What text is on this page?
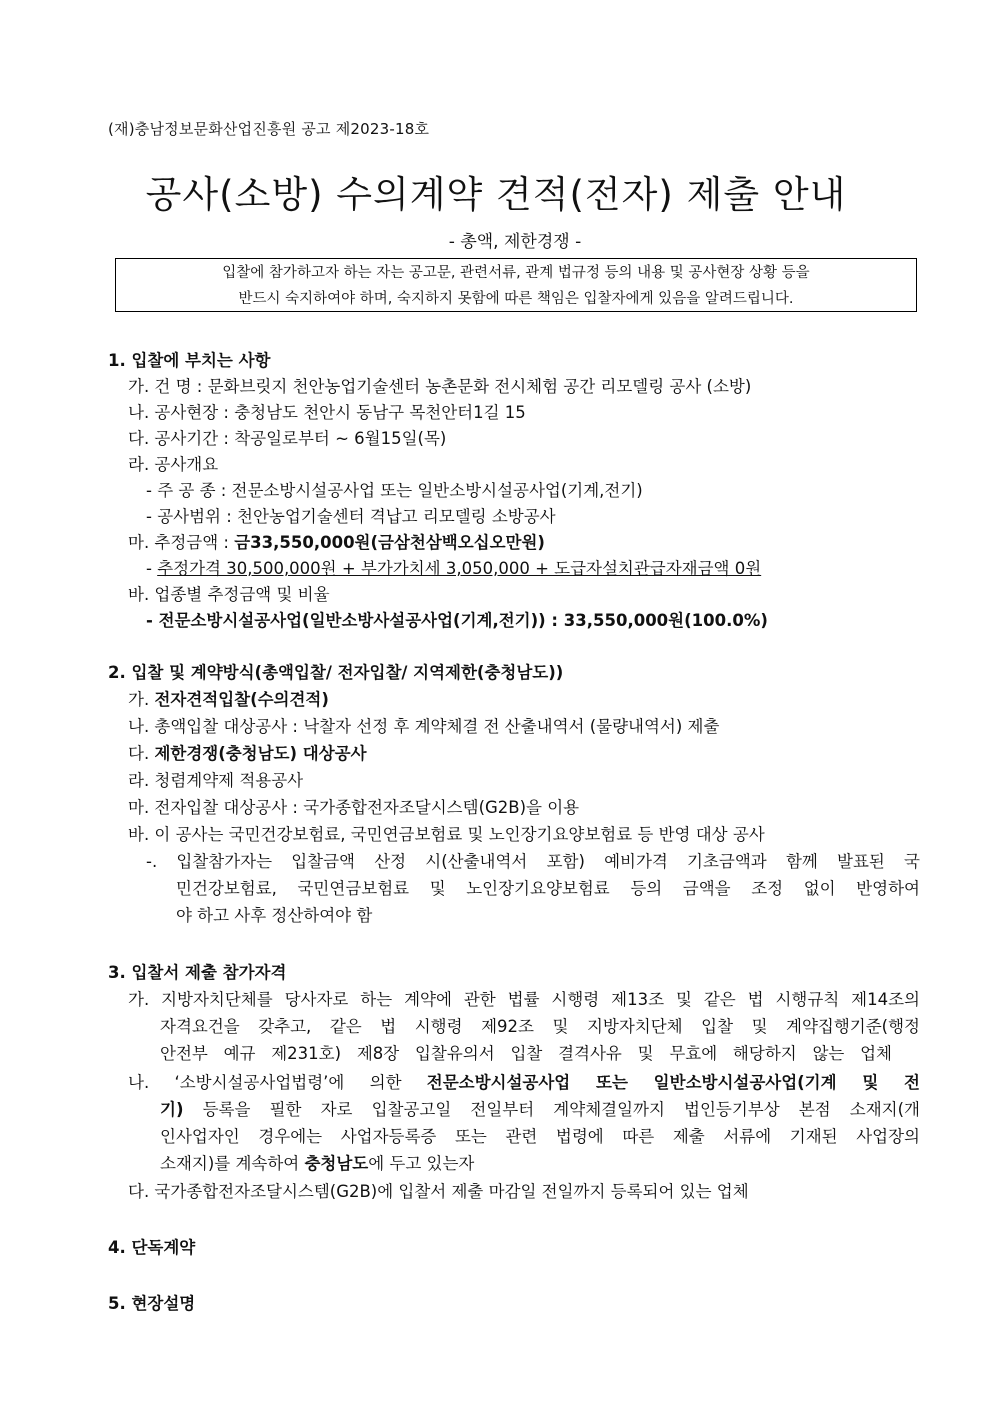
(재)충남정보문화산업진흥원 공고 제2023-18호
공사(소방) 수의계약 견적(전자) 제출 안내
- 총액, 제한경쟁 -
입찰에 참가하고자 하는 자는 공고문, 관련서류, 관계 법규정 등의 내용 및 공사현장 상황 등을
반드시 숙지하여야 하며, 숙지하지 못함에 따른 책임은 입찰자에게 있음을 알려드립니다.
1. 입찰에 부치는 사항
가. 건 명 : 문화브릿지 천안농업기술센터 농촌문화 전시체험 공간 리모델링 공사 (소방)
나. 공사현장 : 충청남도 천안시 동남구 목천안터1길 15
다. 공사기간 : 착공일로부터 ~ 6월15일(목)
라. 공사개요
- 주 공 종 : 전문소방시설공사업 또는 일반소방시설공사업(기계,전기)
- 공사범위 : 천안농업기술센터 격납고 리모델링 소방공사
마. 추정금액 : 금33,550,000원(금삼천삼백오십오만원)
- 추정가격 30,500,000원 + 부가가치세 3,050,000 + 도급자설치관급자재금액 0원
바. 업종별 추정금액 및 비율
- 전문소방시설공사업(일반소방사설공사업(기계,전기)) : 33,550,000원(100.0%)
2. 입찰 및 계약방식(총액입찰/ 전자입찰/ 지역제한(충청남도))
가. 전자견적입찰(수의견적)
나. 총액입찰 대상공사 : 낙찰자 선정 후 계약체결 전 산출내역서 (물량내역서) 제출
다. 제한경쟁(충청남도) 대상공사
라. 청렴계약제 적용공사
마. 전자입찰 대상공사 : 국가종합전자조달시스템(G2B)을 이용
바. 이 공사는 국민건강보험료, 국민연금보험료 및 노인장기요양보험료 등 반영 대상 공사
-. 입찰참가자는 입찰금액 산정 시(산출내역서 포함) 예비가격 기초금액과 함께 발표된 국
민건강보험료, 국민연금보험료 및 노인장기요양보험료 등의 금액을 조정 없이 반영하여
야 하고 사후 정산하여야 함
3. 입찰서 제출 참가자격
가. 지방자치단체를 당사자로 하는 계약에 관한 법률 시행령 제13조 및 같은 법 시행규칙 제14조의
자격요건을 갖추고, 같은 법 시행령 제92조 및 지방자치단체 입찰 및 계약집행기준(행정
안전부 예규 제231호) 제8장 입찰유의서 입찰 결격사유 및 무효에 해당하지 않는 업체
나. ‘소방시설공사업법령’에 의한 전문소방시설공사업 또는 일반소방시설공사업(기계 및 전
기) 등록을 필한 자로 입찰공고일 전일부터 계약체결일까지 법인등기부상 본점 소재지(개
인사업자인 경우에는 사업자등록증 또는 관련 법령에 따른 제출 서류에 기재된 사업장의
소재지)를 계속하여 충청남도에 두고 있는자
다. 국가종합전자조달시스템(G2B)에 입찰서 제출 마감일 전일까지 등록되어 있는 업체
4. 단독계약
5. 현장설명
